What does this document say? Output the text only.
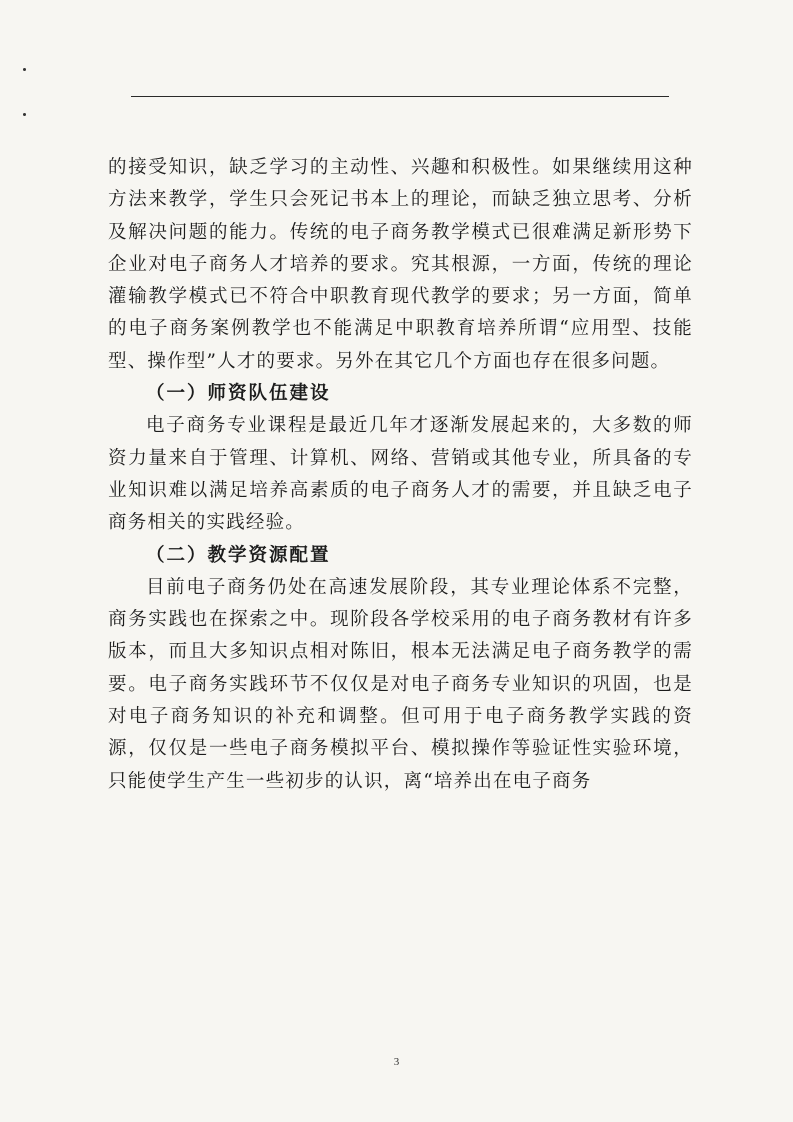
的接受知识，缺乏学习的主动性、兴趣和积极性。如果继续用这种方法来教学，学生只会死记书本上的理论，而缺乏独立思考、分析及解决问题的能力。传统的电子商务教学模式已很难满足新形势下企业对电子商务人才培养的要求。究其根源，一方面，传统的理论灌输教学模式已不符合中职教育现代教学的要求；另一方面，简单的电子商务案例教学也不能满足中职教育培养所谓“应用型、技能型、操作型”人才的要求。另外在其它几个方面也存在很多问题。

（一）师资队伍建设

电子商务专业课程是最近几年才逐渐发展起来的，大多数的师资力量来自于管理、计算机、网络、营销或其他专业，所具备的专业知识难以满足培养高素质的电子商务人才的需要，并且缺乏电子商务相关的实践经验。

（二）教学资源配置

目前电子商务仍处在高速发展阶段，其专业理论体系不完整，商务实践也在探索之中。现阶段各学校采用的电子商务教材有许多版本，而且大多知识点相对陈旧，根本无法满足电子商务教学的需要。电子商务实践环节不仅仅是对电子商务专业知识的巩固，也是对电子商务知识的补充和调整。但可用于电子商务教学实践的资源，仅仅是一些电子商务模拟平台、模拟操作等验证性实验环境，只能使学生产生一些初步的认识，离“培养出在电子商务

3
